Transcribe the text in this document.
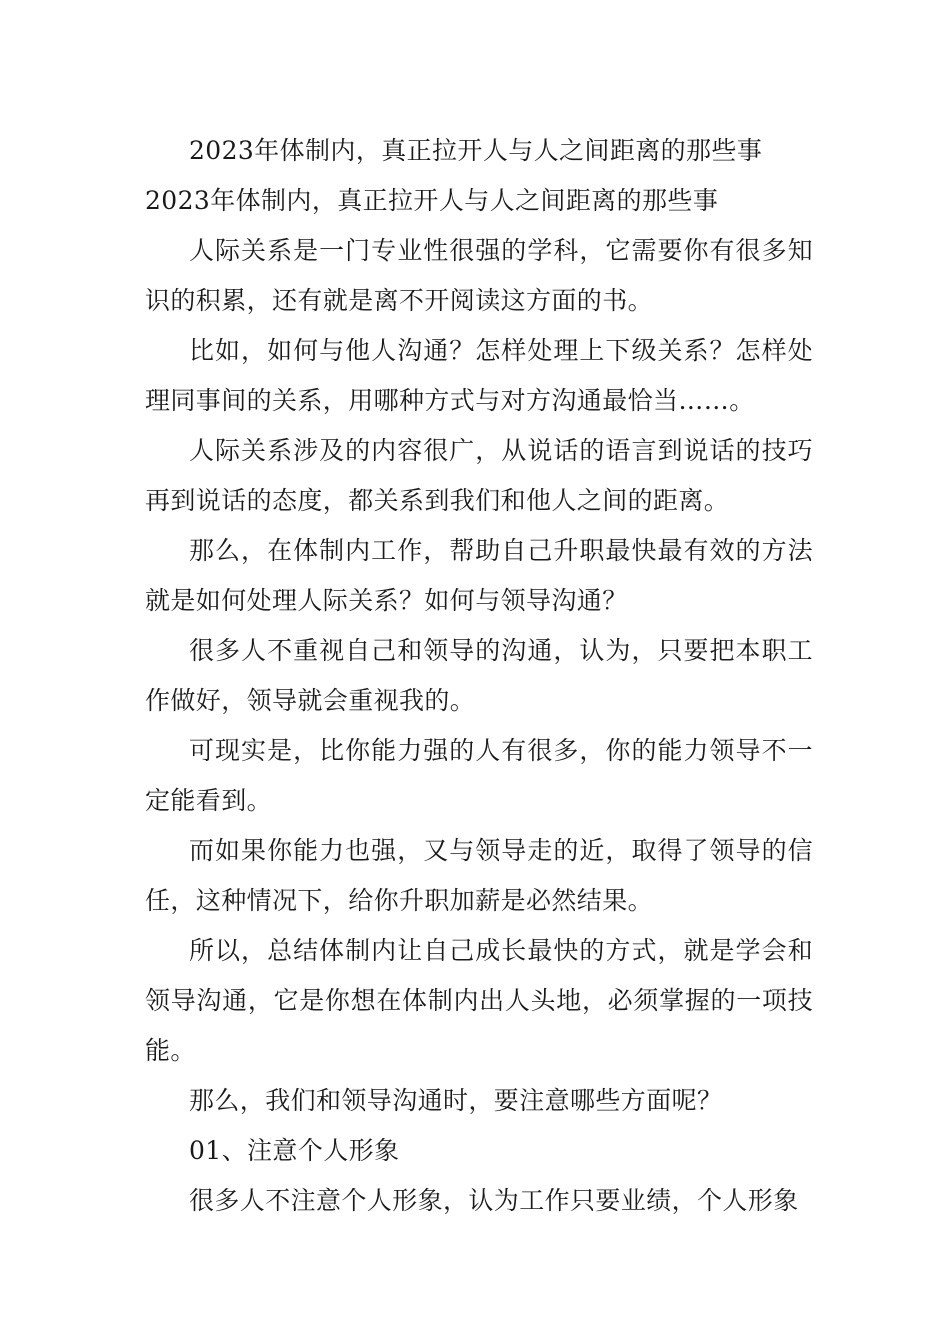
2023年体制内，真正拉开人与人之间距离的那些事

2023年体制内，真正拉开人与人之间距离的那些事

人际关系是一门专业性很强的学科，它需要你有很多知识的积累，还有就是离不开阅读这方面的书。

比如，如何与他人沟通？怎样处理上下级关系？怎样处理同事间的关系，用哪种方式与对方沟通最恰当……。

人际关系涉及的内容很广，从说话的语言到说话的技巧再到说话的态度，都关系到我们和他人之间的距离。

那么，在体制内工作，帮助自己升职最快最有效的方法就是如何处理人际关系？如何与领导沟通？

很多人不重视自己和领导的沟通，认为，只要把本职工作做好，领导就会重视我的。

可现实是，比你能力强的人有很多，你的能力领导不一定能看到。

而如果你能力也强，又与领导走的近，取得了领导的信任，这种情况下，给你升职加薪是必然结果。

所以，总结体制内让自己成长最快的方式，就是学会和领导沟通，它是你想在体制内出人头地，必须掌握的一项技能。

那么，我们和领导沟通时，要注意哪些方面呢？

01、注意个人形象

很多人不注意个人形象，认为工作只要业绩，个人形象
